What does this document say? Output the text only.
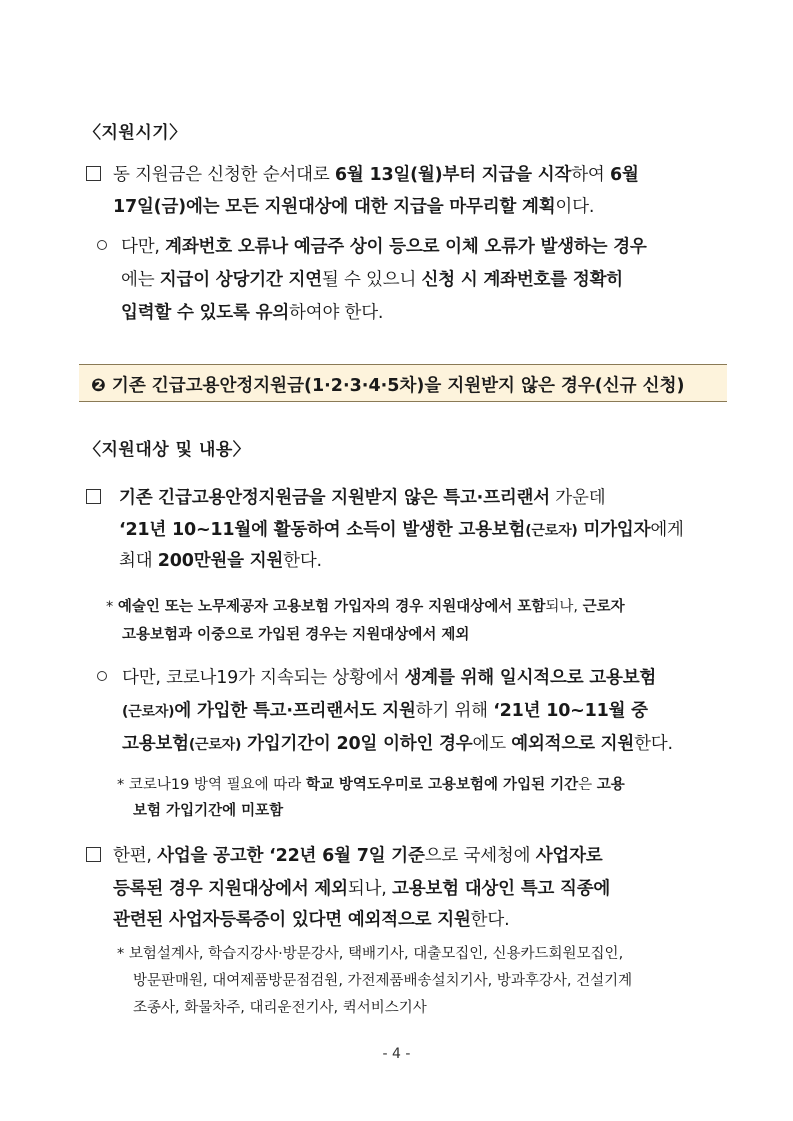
〈지원시기〉
동 지원금은 신청한 순서대로 6월 13일(월)부터 지급을 시작하여 6월
17일(금)에는 모든 지원대상에 대한 지급을 마무리할 계획이다.
다만, 계좌번호 오류나 예금주 상이 등으로 이체 오류가 발생하는 경우
에는 지급이 상당기간 지연될 수 있으니 신청 시 계좌번호를 정확히
입력할 수 있도록 유의하여야 한다.
❷ 기존 긴급고용안정지원금(1·2·3·4·5차)을 지원받지 않은 경우(신규 신청)
〈지원대상 및 내용〉
기존 긴급고용안정지원금을 지원받지 않은 특고·프리랜서 가운데
‘21년 10~11월에 활동하여 소득이 발생한 고용보험(근로자) 미가입자에게
최대 200만원을 지원한다.
* 예술인 또는 노무제공자 고용보험 가입자의 경우 지원대상에서 포함되나, 근로자
고용보험과 이중으로 가입된 경우는 지원대상에서 제외
다만, 코로나19가 지속되는 상황에서 생계를 위해 일시적으로 고용보험
(근로자)에 가입한 특고·프리랜서도 지원하기 위해 ‘21년 10~11월 중
고용보험(근로자) 가입기간이 20일 이하인 경우에도 예외적으로 지원한다.
* 코로나19 방역 필요에 따라 학교 방역도우미로 고용보험에 가입된 기간은 고용
보험 가입기간에 미포함
한편, 사업을 공고한 ‘22년 6월 7일 기준으로 국세청에 사업자로
등록된 경우 지원대상에서 제외되나, 고용보험 대상인 특고 직종에
관련된 사업자등록증이 있다면 예외적으로 지원한다.
* 보험설계사, 학습지강사·방문강사, 택배기사, 대출모집인, 신용카드회원모집인,
방문판매원, 대여제품방문점검원, 가전제품배송설치기사, 방과후강사, 건설기계
조종사, 화물차주, 대리운전기사, 퀵서비스기사
- 4 -
